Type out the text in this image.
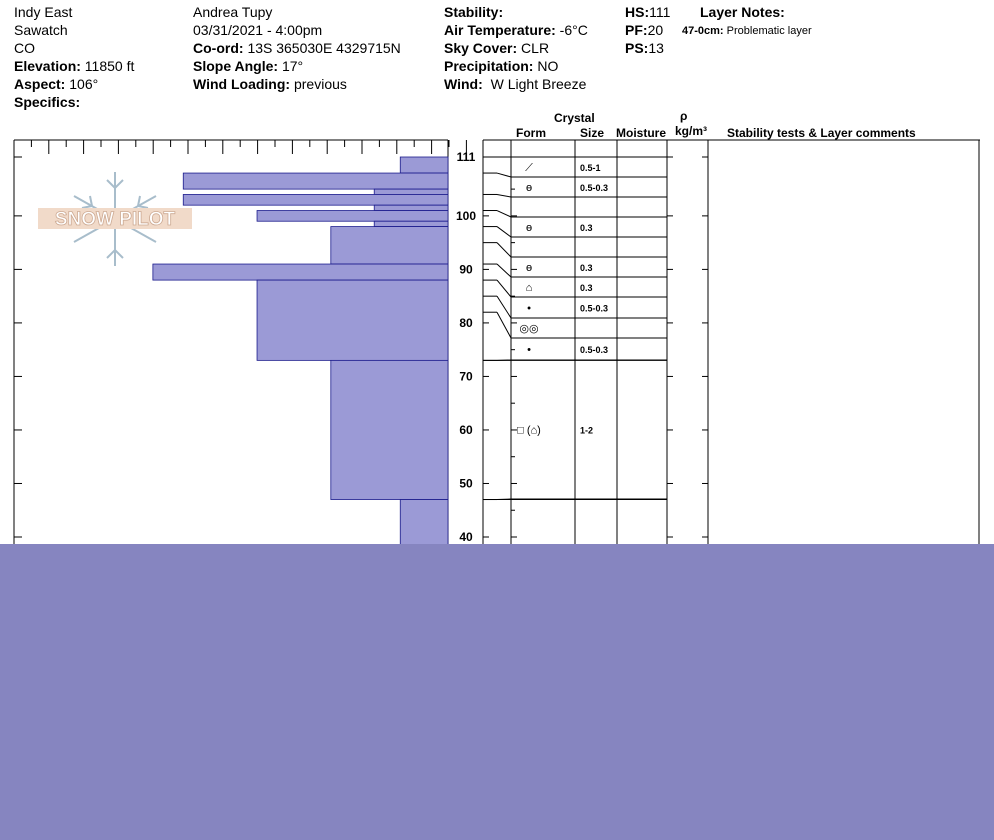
Indy East
Sawatch
CO
Elevation: 11850 ft
Aspect: 106°
Specifics:
Andrea Tupy
03/31/2021 - 4:00pm
Co-ord: 13S 365030E 4329715N
Slope Angle: 17°
Wind Loading: previous
Stability:
Air Temperature: -6°C
Sky Cover: CLR
Precipitation: NO
Wind: W Light Breeze
HS:111
PF:20
PS:13
Layer Notes:
47-0cm: Problematic layer
Crystal
Form	Size Moisture
ρ
kg/m³ Stability tests & Layer comments
SNOW PILOT
111
100
90
80
70
60
50
40
⟋	0.5-1
ɵ	0.5-0.3
ɵ	0.3
ɵ	0.3
⌂	0.3
•	0.5-0.3
◎◎
•	0.5-0.3
□ (⌂)	1-2
